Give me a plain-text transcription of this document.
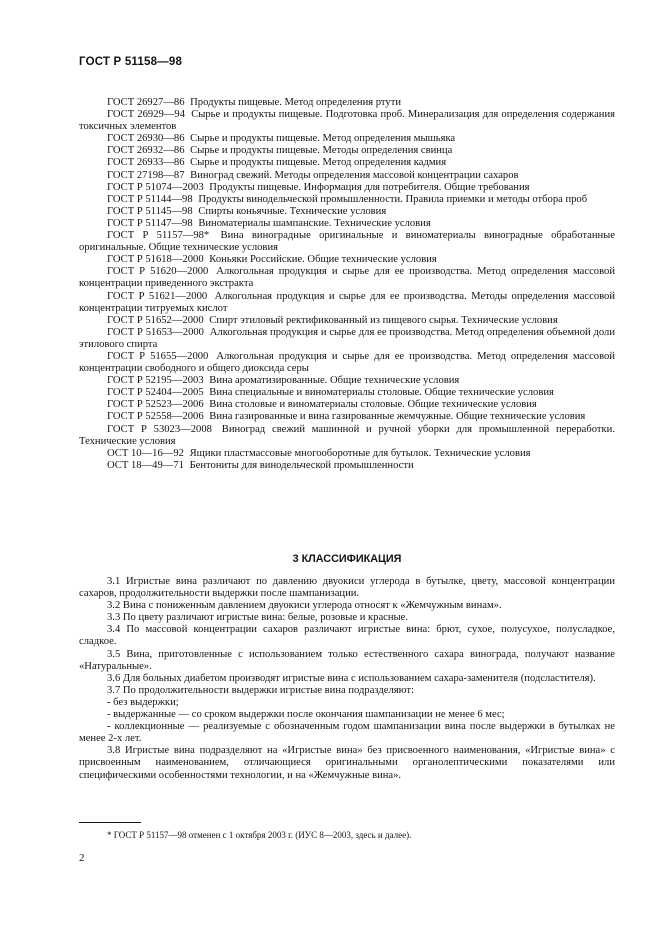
ГОСТ Р 51158—98
ГОСТ 26927—86 Продукты пищевые. Метод определения ртути
ГОСТ 26929—94 Сырье и продукты пищевые. Подготовка проб. Минерализация для определения содержания токсичных элементов
ГОСТ 26930—86 Сырье и продукты пищевые. Метод определения мышьяка
ГОСТ 26932—86 Сырье и продукты пищевые. Методы определения свинца
ГОСТ 26933—86 Сырье и продукты пищевые. Метод определения кадмия
ГОСТ 27198—87 Виноград свежий. Методы определения массовой концентрации сахаров
ГОСТ Р 51074—2003 Продукты пищевые. Информация для потребителя. Общие требования
ГОСТ Р 51144—98 Продукты винодельческой промышленности. Правила приемки и методы отбора проб
ГОСТ Р 51145—98 Спирты коньячные. Технические условия
ГОСТ Р 51147—98 Виноматериалы шампанские. Технические условия
ГОСТ Р 51157—98* Вина виноградные оригинальные и виноматериалы виноградные обработанные оригинальные. Общие технические условия
ГОСТ Р 51618—2000 Коньяки Российские. Общие технические условия
ГОСТ Р 51620—2000 Алкогольная продукция и сырье для ее производства. Метод определения массовой концентрации приведенного экстракта
ГОСТ Р 51621—2000 Алкогольная продукция и сырье для ее производства. Методы определения массовой концентрации титруемых кислот
ГОСТ Р 51652—2000 Спирт этиловый ректификованный из пищевого сырья. Технические условия
ГОСТ Р 51653—2000 Алкогольная продукция и сырье для ее производства. Метод определения объемной доли этилового спирта
ГОСТ Р 51655—2000 Алкогольная продукция и сырье для ее производства. Метод определения массовой концентрации свободного и общего диоксида серы
ГОСТ Р 52195—2003 Вина ароматизированные. Общие технические условия
ГОСТ Р 52404—2005 Вина специальные и виноматериалы столовые. Общие технические условия
ГОСТ Р 52523—2006 Вина столовые и виноматериалы столовые. Общие технические условия
ГОСТ Р 52558—2006 Вина газированные и вина газированные жемчужные. Общие технические условия
ГОСТ Р 53023—2008 Виноград свежий машинной и ручной уборки для промышленной переработки. Технические условия
ОСТ 10—16—92 Ящики пластмассовые многооборотные для бутылок. Технические условия
ОСТ 18—49—71 Бентониты для винодельческой промышленности
3 КЛАССИФИКАЦИЯ
3.1 Игристые вина различают по давлению двуокиси углерода в бутылке, цвету, массовой концентрации сахаров, продолжительности выдержки после шампанизации.
3.2 Вина с пониженным давлением двуокиси углерода относят к «Жемчужным винам».
3.3 По цвету различают игристые вина: белые, розовые и красные.
3.4 По массовой концентрации сахаров различают игристые вина: брют, сухое, полусухое, полусладкое, сладкое.
3.5 Вина, приготовленные с использованием только естественного сахара винограда, получают название «Натуральные».
3.6 Для больных диабетом производят игристые вина с использованием сахара-заменителя (подсластителя).
3.7 По продолжительности выдержки игристые вина подразделяют:
- без выдержки;
- выдержанные — со сроком выдержки после окончания шампанизации не менее 6 мес;
- коллекционные — реализуемые с обозначенным годом шампанизации вина после выдержки в бутылках не менее 2-х лет.
3.8 Игристые вина подразделяют на «Игристые вина» без присвоенного наименования, «Игристые вина» с присвоенным наименованием, отличающиеся оригинальными органолептическими показателями или специфическими особенностями технологии, и на «Жемчужные вина».
* ГОСТ Р 51157—98 отменен с 1 октября 2003 г. (ИУС 8—2003, здесь и далее).
2
